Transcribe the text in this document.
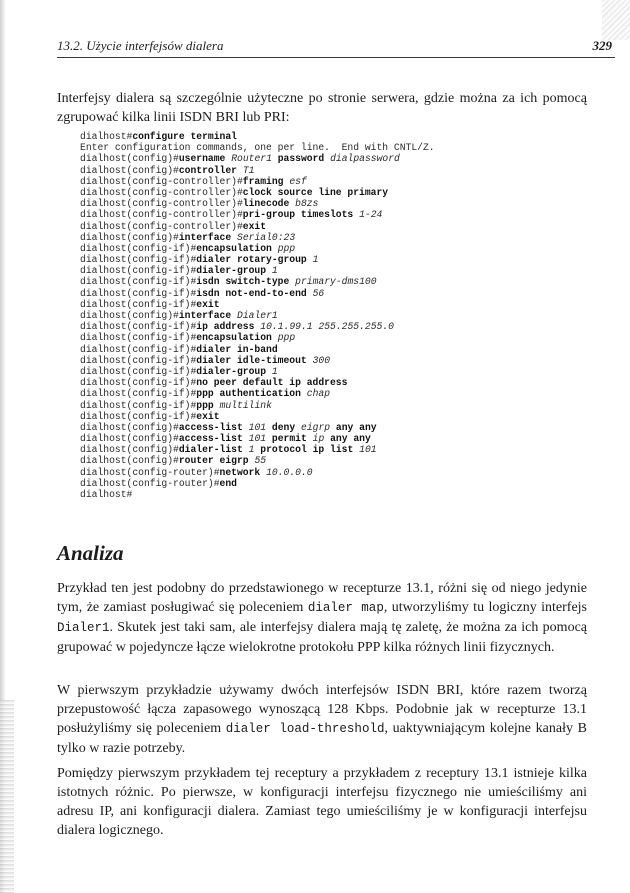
13.2. Użycie interfejsów dialera	329

Interfejsy dialera są szczególnie użyteczne po stronie serwera, gdzie można za ich pomocą zgrupować kilka linii ISDN BRI lub PRI:

dialhost#configure terminal
Enter configuration commands, one per line.  End with CNTL/Z.
dialhost(config)#username Router1 password dialpassword
dialhost(config)#controller T1
dialhost(config-controller)#framing esf
dialhost(config-controller)#clock source line primary
dialhost(config-controller)#linecode b8zs
dialhost(config-controller)#pri-group timeslots 1-24
dialhost(config-controller)#exit
dialhost(config)#interface Serial0:23
dialhost(config-if)#encapsulation ppp
dialhost(config-if)#dialer rotary-group 1
dialhost(config-if)#dialer-group 1
dialhost(config-if)#isdn switch-type primary-dms100
dialhost(config-if)#isdn not-end-to-end 56
dialhost(config-if)#exit
dialhost(config)#interface Dialer1
dialhost(config-if)#ip address 10.1.99.1 255.255.255.0
dialhost(config-if)#encapsulation ppp
dialhost(config-if)#dialer in-band
dialhost(config-if)#dialer idle-timeout 300
dialhost(config-if)#dialer-group 1
dialhost(config-if)#no peer default ip address
dialhost(config-if)#ppp authentication chap
dialhost(config-if)#ppp multilink
dialhost(config-if)#exit
dialhost(config)#access-list 101 deny eigrp any any
dialhost(config)#access-list 101 permit ip any any
dialhost(config)#dialer-list 1 protocol ip list 101
dialhost(config)#router eigrp 55
dialhost(config-router)#network 10.0.0.0
dialhost(config-router)#end
dialhost#
Analiza

Przykład ten jest podobny do przedstawionego w recepturze 13.1, różni się od niego jedynie tym, że zamiast posługiwać się poleceniem dialer map, utworzyliśmy tu logiczny interfejs Dialer1. Skutek jest taki sam, ale interfejsy dialera mają tę zaletę, że można za ich pomocą grupować w pojedyncze łącze wielokrotne protokołu PPP kilka różnych linii fizycznych.

W pierwszym przykładzie używamy dwóch interfejsów ISDN BRI, które razem tworzą przepustowość łącza zapasowego wynoszącą 128 Kbps. Podobnie jak w recepturze 13.1 posłużyliśmy się poleceniem dialer load-threshold, uaktywniającym kolejne kanały B tylko w razie potrzeby.

Pomiędzy pierwszym przykładem tej receptury a przykładem z receptury 13.1 istnieje kilka istotnych różnic. Po pierwsze, w konfiguracji interfejsu fizycznego nie umieściliśmy ani adresu IP, ani konfiguracji dialera. Zamiast tego umieściliśmy je w konfiguracji interfejsu dialera logicznego.
